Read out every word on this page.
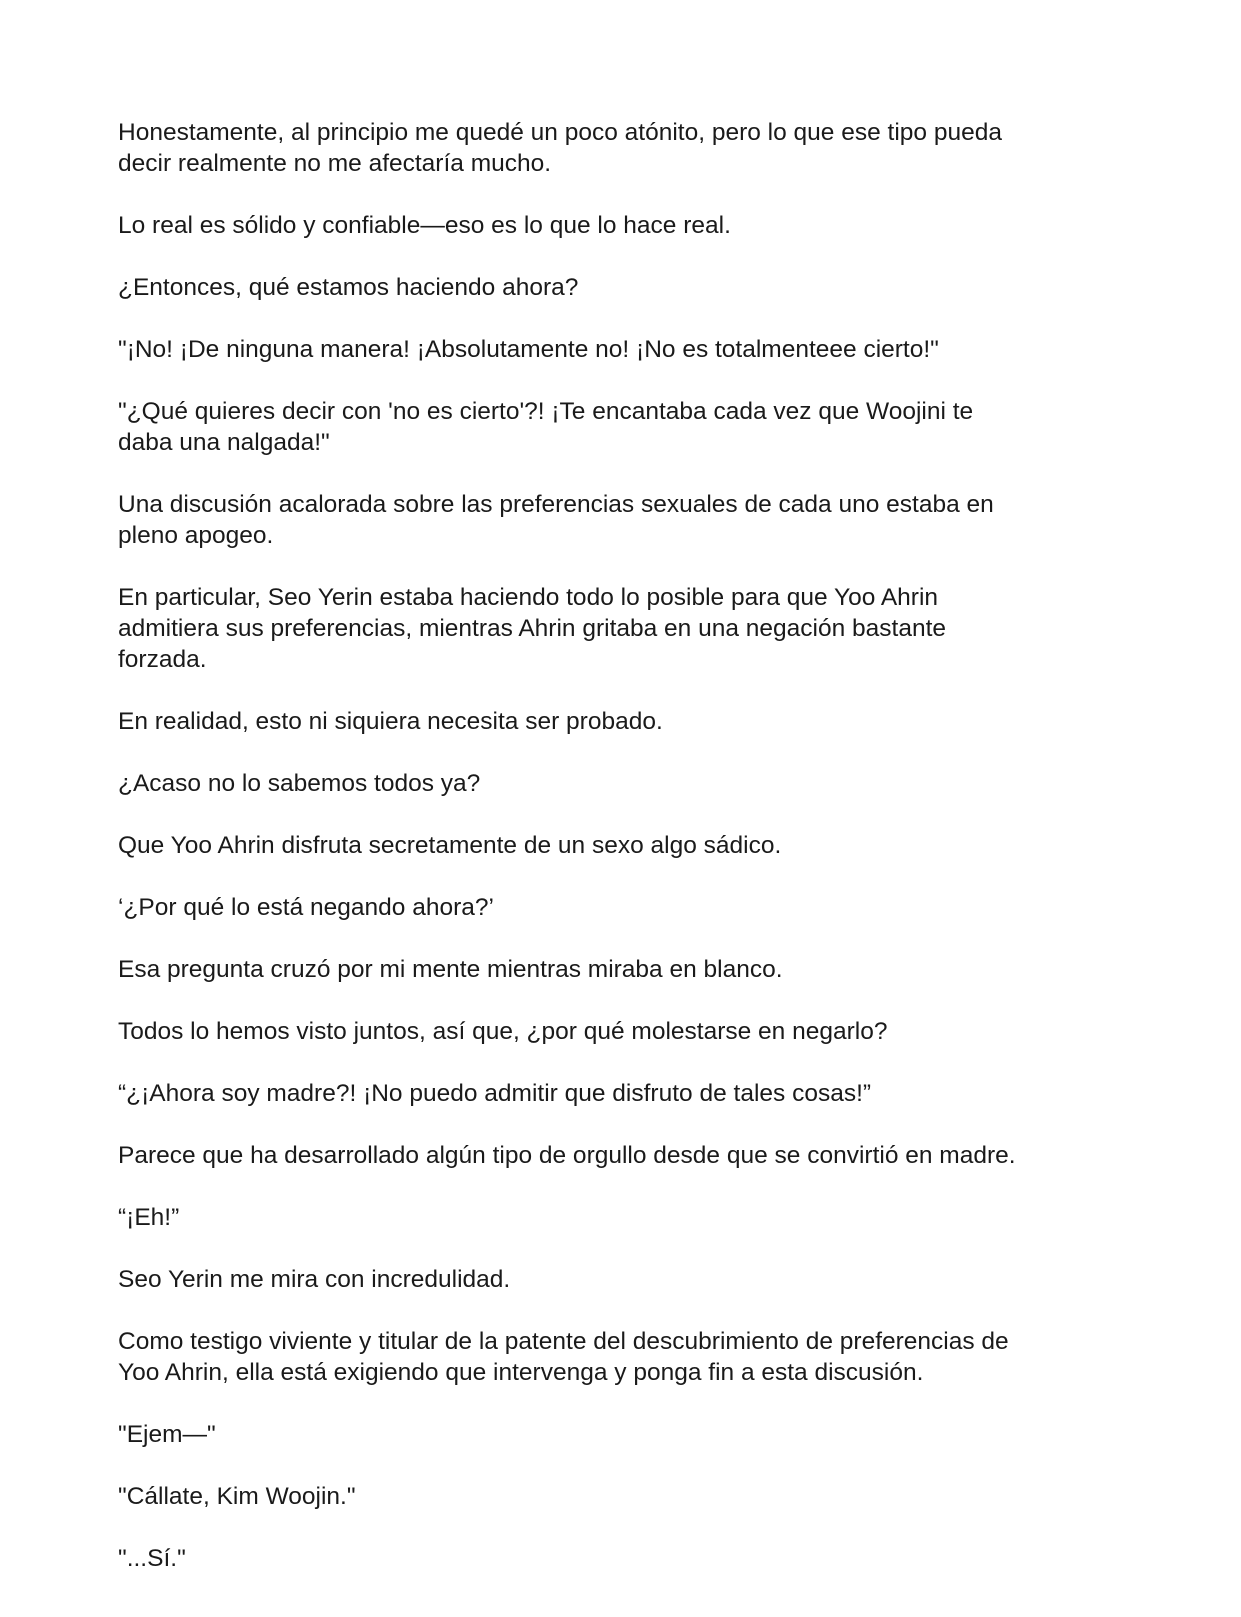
Honestamente, al principio me quedé un poco atónito, pero lo que ese tipo pueda
decir realmente no me afectaría mucho.

Lo real es sólido y confiable—eso es lo que lo hace real.

¿Entonces, qué estamos haciendo ahora?

"¡No! ¡De ninguna manera! ¡Absolutamente no! ¡No es totalmenteee cierto!"

"¿Qué quieres decir con 'no es cierto'?! ¡Te encantaba cada vez que Woojini te
daba una nalgada!"

Una discusión acalorada sobre las preferencias sexuales de cada uno estaba en
pleno apogeo.

En particular, Seo Yerin estaba haciendo todo lo posible para que Yoo Ahrin
admitiera sus preferencias, mientras Ahrin gritaba en una negación bastante
forzada.

En realidad, esto ni siquiera necesita ser probado.

¿Acaso no lo sabemos todos ya?

Que Yoo Ahrin disfruta secretamente de un sexo algo sádico.

‘¿Por qué lo está negando ahora?’

Esa pregunta cruzó por mi mente mientras miraba en blanco.

Todos lo hemos visto juntos, así que, ¿por qué molestarse en negarlo?

“¿¡Ahora soy madre?! ¡No puedo admitir que disfruto de tales cosas!”

Parece que ha desarrollado algún tipo de orgullo desde que se convirtió en madre.

“¡Eh!”

Seo Yerin me mira con incredulidad.

Como testigo viviente y titular de la patente del descubrimiento de preferencias de
Yoo Ahrin, ella está exigiendo que intervenga y ponga fin a esta discusión.

"Ejem—"

"Cállate, Kim Woojin."

"...Sí."
